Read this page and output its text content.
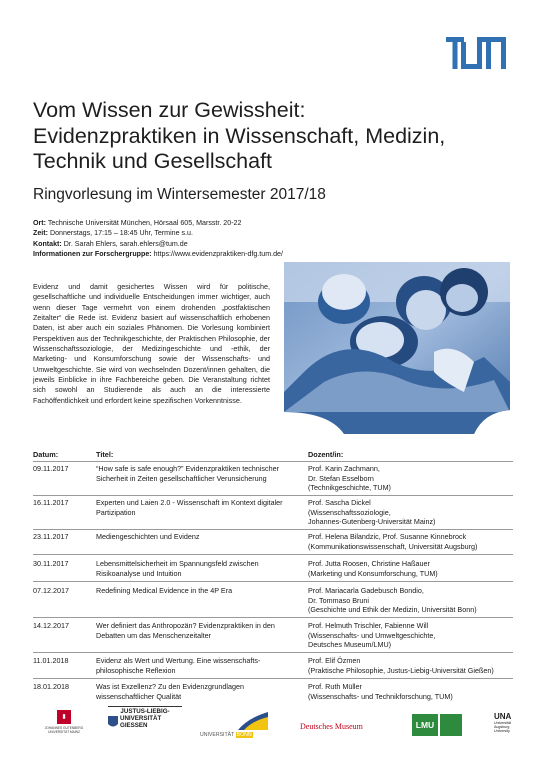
Vom Wissen zur Gewissheit:
Evidenzpraktiken in Wissenschaft, Medizin,
Technik und Gesellschaft
Ringvorlesung im Wintersemester 2017/18
Ort: Technische Universität München, Hörsaal 605, Marsstr. 20-22
Zeit: Donnerstags, 17:15 – 18:45 Uhr, Termine s.u.
Kontakt: Dr. Sarah Ehlers, sarah.ehlers@tum.de
Informationen zur Forschergruppe: https://www.evidenzpraktiken-dfg.tum.de/
Evidenz und damit gesichertes Wissen wird für politische, gesellschaftliche und individuelle Entscheidungen immer wichtiger, auch wenn dieser Tage vermehrt von einem drohenden „postfaktischen Zeitalter“ die Rede ist. Evidenz basiert auf wissenschaftlich erhobenen Daten, ist aber auch ein soziales Phänomen. Die Vorlesung kombiniert Perspektiven aus der Technikgeschichte, der Praktischen Philosophie, der Wissenschaftssoziologie, der Medizingeschichte und -ethik, der Marketing- und Konsumforschung sowie der Wissenschafts- und Umweltgeschichte. Sie wird von wechselnden Dozent/innen gehalten, die jeweils Einblicke in ihre Fachbereiche geben. Die Veranstaltung richtet sich sowohl an Studierende als auch an die interessierte Fachöffentlichkeit und erfordert keine spezifischen Vorkenntnisse.
Datum:	Titel:	Dozent/in:
09.11.2017	“How safe is safe enough?” Evidenzpraktiken technischer Sicherheit in Zeiten gesellschaftlicher Verunsicherung
Prof. Karin Zachmann,
Dr. Stefan Esselborn
(Technikgeschichte, TUM)
16.11.2017	Experten und Laien 2.0 - Wissenschaft im Kontext digitaler Partizipation
Prof. Sascha Dickel
(Wissenschaftssoziologie,
Johannes-Gutenberg-Universität Mainz)
23.11.2017	Mediengeschichten und Evidenz	Prof. Helena Bilandzic, Prof. Susanne Kinnebrock
(Kommunikationswissenschaft, Universität Augsburg)
30.11.2017	Lebensmittelsicherheit im Spannungsfeld zwischen Risikoanalyse und Intuition
Prof. Jutta Roosen, Christine Haßauer
(Marketing und Konsumforschung, TUM)
07.12.2017	Redefining Medical Evidence in the 4P Era	Prof. Mariacarla Gadebusch Bondio,
Dr. Tommaso Bruni
(Geschichte und Ethik der Medizin, Universität Bonn)
14.12.2017	Wer definiert das Anthropozän? Evidenzpraktiken in den Debatten um das Menschenzeitalter
Prof. Helmuth Trischler, Fabienne Will
(Wissenschafts- und Umweltgeschichte,
Deutsches Museum/LMU)
11.01.2018	Evidenz als Wert und Wertung. Eine wissenschafts-philosophische Reflexion
Prof. Elif Özmen
(Praktische Philosophie, Justus-Liebig-Universität Gießen)
18.01.2018	Was ist Exzellenz? Zu den Evidenzgrundlagen wissenschaftlicher Qualität
Prof. Ruth Müller
(Wissenschafts- und Technikforschung, TUM)
▮
JOHANNES GUTENBERG
UNIVERSITÄT MAINZ
JUSTUS-LIEBIG-
UNIVERSITÄT
GIESSEN
UNIVERSITÄT BONN
Deutsches Museum	LMU
UNA
Universität
Augsburg
University
